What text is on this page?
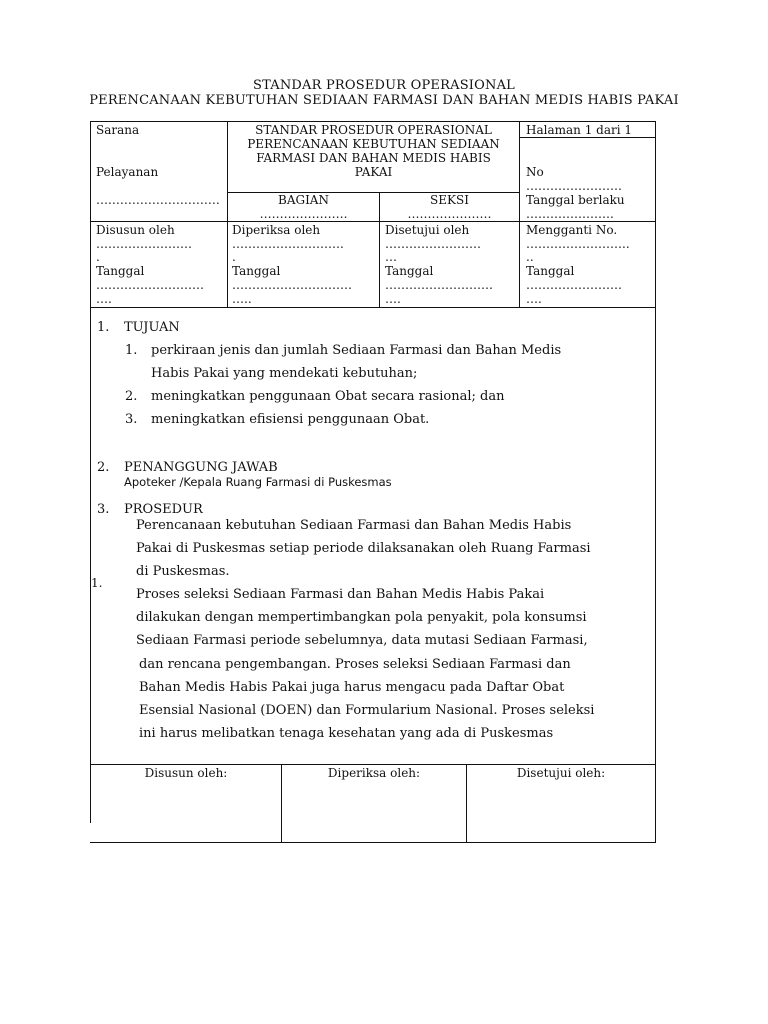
STANDAR PROSEDUR OPERASIONAL
PERENCANAAN KEBUTUHAN SEDIAAN FARMASI DAN BAHAN MEDIS HABIS PAKAI
Sarana
Pelayanan
….………………………
STANDAR PROSEDUR OPERASIONAL
PERENCANAAN KEBUTUHAN SEDIAAN
FARMASI DAN BAHAN MEDIS HABIS
PAKAI
BAGIAN
………………….
SEKSI
…………………
Halaman 1 dari 1
No
……………………
Tanggal berlaku
………………….
Disusun oleh
……………………
.
Tanggal
………………………
….
Diperiksa oleh
……………………….
.
Tanggal
…………………………
…..
Disetujui oleh
……………………
…
Tanggal
………………………
….
Mengganti No.
……………………..
..
Tanggal
……………………
….
1. TUJUAN
1. perkiraan jenis dan jumlah Sediaan Farmasi dan Bahan Medis
Habis Pakai yang mendekati kebutuhan;
2. meningkatkan penggunaan Obat secara rasional; dan
3. meningkatkan efisiensi penggunaan Obat.
2. PENANGGUNG JAWAB
Apoteker /Kepala Ruang Farmasi di Puskesmas
3. PROSEDUR
1.
Perencanaan kebutuhan Sediaan Farmasi dan Bahan Medis Habis
Pakai di Puskesmas setiap periode dilaksanakan oleh Ruang Farmasi
di Puskesmas.
Proses seleksi Sediaan Farmasi dan Bahan Medis Habis Pakai
dilakukan dengan mempertimbangkan pola penyakit, pola konsumsi
Sediaan Farmasi periode sebelumnya, data mutasi Sediaan Farmasi,
dan rencana pengembangan. Proses seleksi Sediaan Farmasi dan
Bahan Medis Habis Pakai juga harus mengacu pada Daftar Obat
Esensial Nasional (DOEN) dan Formularium Nasional. Proses seleksi
ini harus melibatkan tenaga kesehatan yang ada di Puskesmas
Disusun oleh:	Diperiksa oleh:	Disetujui oleh:
